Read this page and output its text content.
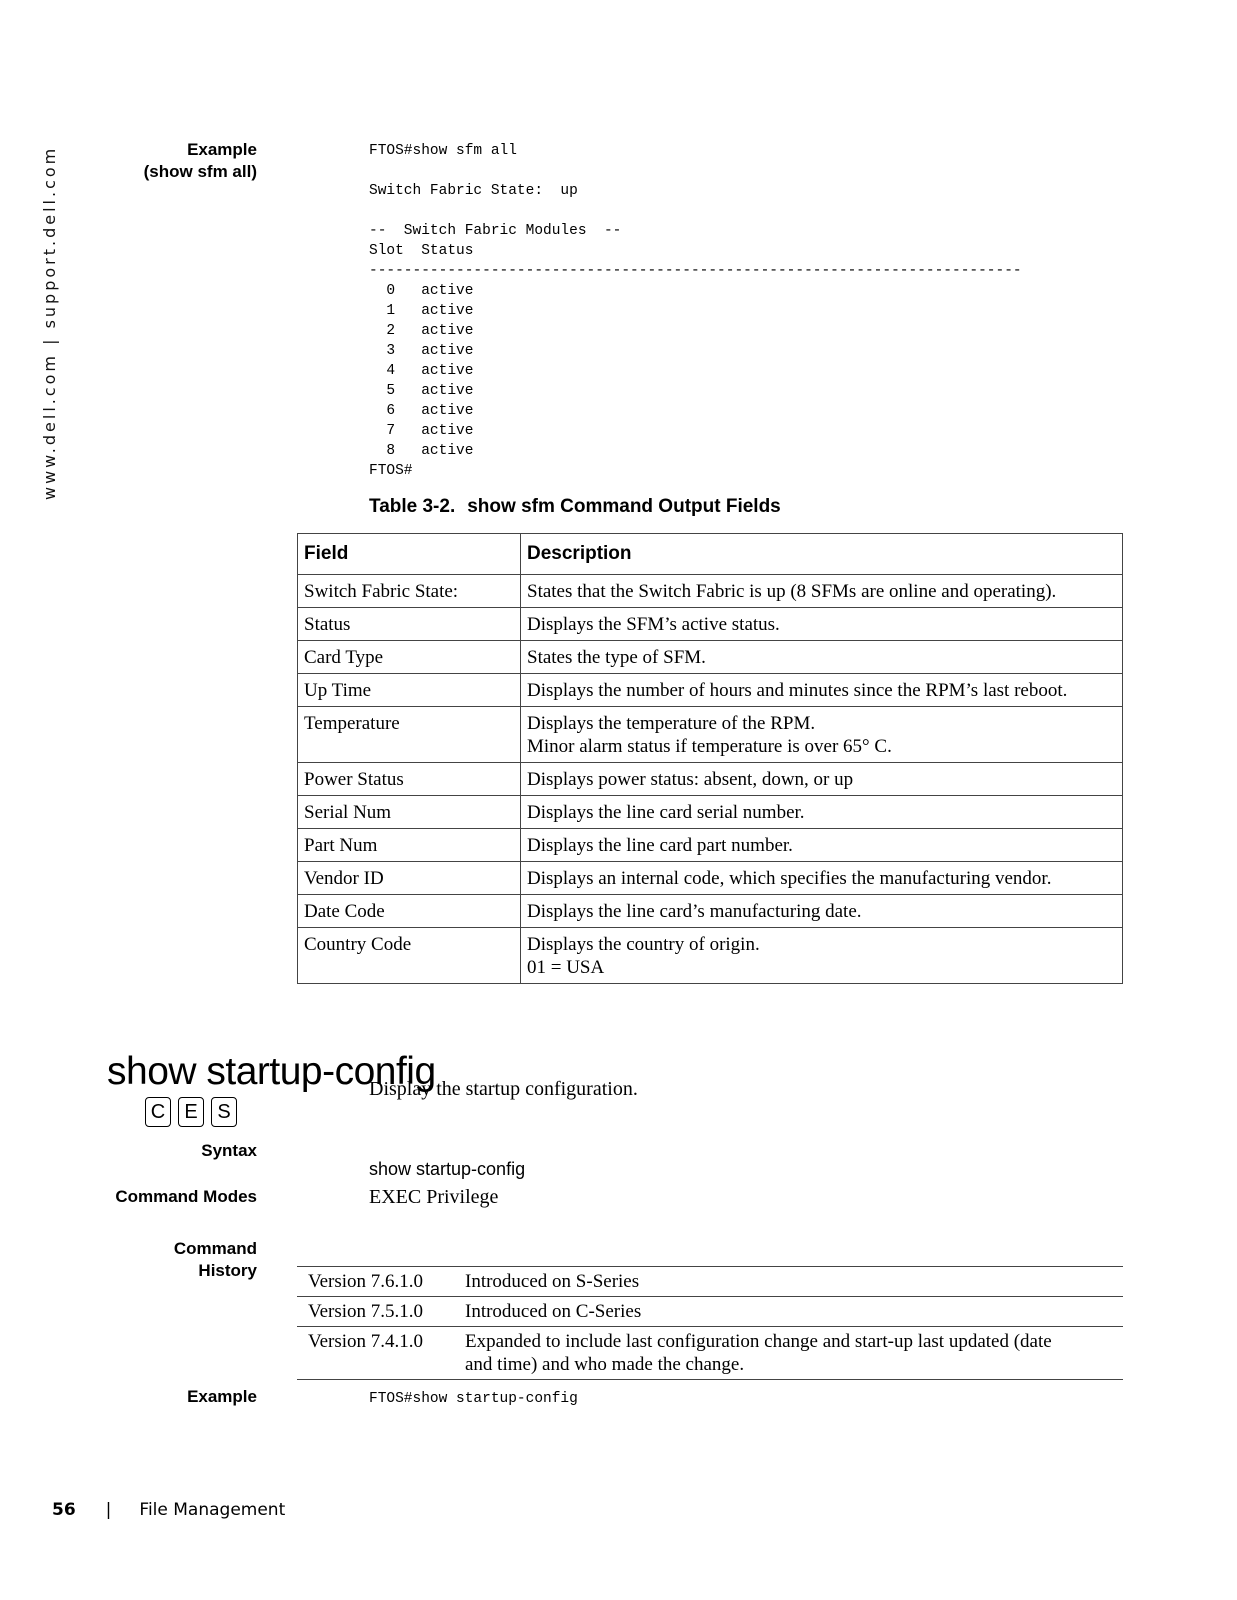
www.dell.com | support.dell.com	Example
(show sfm all)
FTOS#show sfm all

Switch Fabric State:  up

--  Switch Fabric Modules  --
Slot  Status
---------------------------------------------------------------------------
0   active
1   active
2   active
3   active
4   active
5   active
6   active
7   active
8   active
FTOS#
Table 3-2. show sfm Command Output Fields
Field	Description
Switch Fabric State:	States that the Switch Fabric is up (8 SFMs are online and operating).

Status	Displays the SFM’s active status.

Card Type	States the type of SFM.

Up Time	Displays the number of hours and minutes since the RPM’s last reboot.

Temperature	Displays the temperature of the RPM.
Minor alarm status if temperature is over 65° C.

Power Status	Displays power status: absent, down, or up

Serial Num	Displays the line card serial number.

Part Num	Displays the line card part number.

Vendor ID	Displays an internal code, which specifies the manufacturing vendor.

Date Code	Displays the line card’s manufacturing date.

Country Code	Displays the country of origin.
01 = USA
show startup-config
C E S
Display the startup configuration.
Syntax
show startup-config
Command Modes	EXEC Privilege
Command
History
Version 7.6.1.0	Introduced on S-Series

Version 7.5.1.0	Introduced on C-Series

Version 7.4.1.0	Expanded to include last configuration change and start-up last updated (date
and time) and who made the change.
Example	FTOS#show startup-config
56 | File Management
